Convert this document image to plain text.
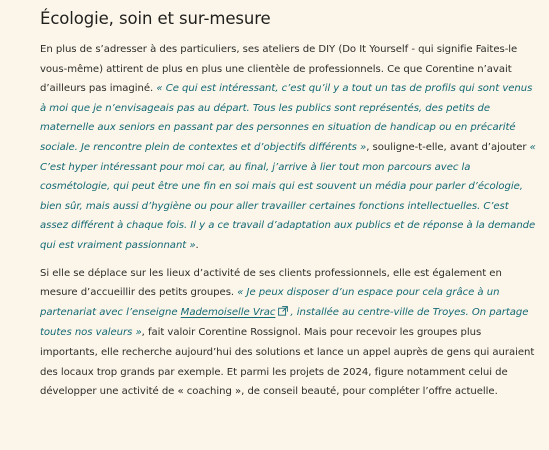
Écologie, soin et sur-mesure

En plus de s’adresser à des particuliers, ses ateliers de DIY (Do It Yourself - qui signifie Faites-le vous-même) attirent de plus en plus une clientèle de professionnels. Ce que Corentine n’avait d’ailleurs pas imaginé. « Ce qui est intéressant, c’est qu’il y a tout un tas de profils qui sont venus à moi que je n’envisageais pas au départ. Tous les publics sont représentés, des petits de maternelle aux seniors en passant par des personnes en situation de handicap ou en précarité sociale. Je rencontre plein de contextes et d’objectifs différents », souligne-t-elle, avant d’ajouter « C’est hyper intéressant pour moi car, au final, j’arrive à lier tout mon parcours avec la cosmétologie, qui peut être une fin en soi mais qui est souvent un média pour parler d’écologie, bien sûr, mais aussi d’hygiène ou pour aller travailler certaines fonctions intellectuelles. C’est assez différent à chaque fois. Il y a ce travail d’adaptation aux publics et de réponse à la demande qui est vraiment passionnant ».

Si elle se déplace sur les lieux d’activité de ses clients professionnels, elle est également en mesure d’accueillir des petits groupes. « Je peux disposer d’un espace pour cela grâce à un partenariat avec l’enseigne Mademoiselle Vrac , installée au centre-ville de Troyes. On partage toutes nos valeurs », fait valoir Corentine Rossignol. Mais pour recevoir les groupes plus importants, elle recherche aujourd’hui des solutions et lance un appel auprès de gens qui auraient des locaux trop grands par exemple. Et parmi les projets de 2024, figure notamment celui de développer une activité de « coaching », de conseil beauté, pour compléter l’offre actuelle.
